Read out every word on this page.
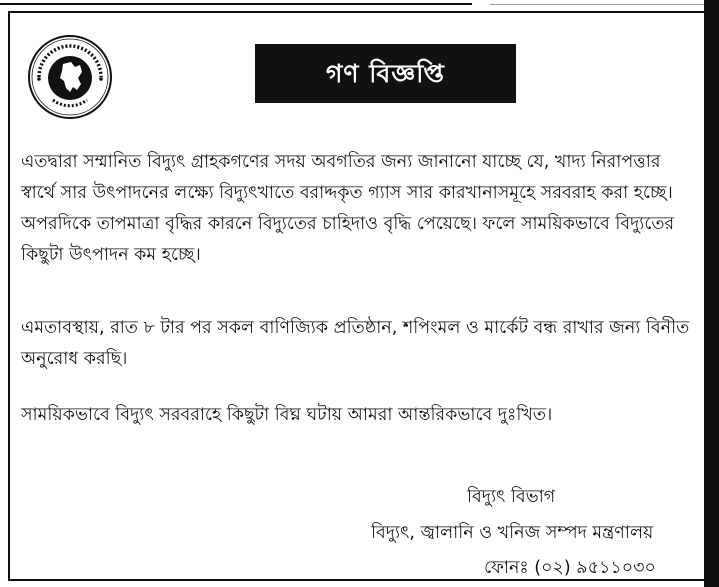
গণ বিজ্ঞপ্তি

এতদ্বারা সম্মানিত বিদ্যুৎ গ্রাহকগণের সদয় অবগতির জন্য জানানো যাচ্ছে যে, খাদ্য নিরাপত্তার স্বার্থে সার উৎপাদনের লক্ষ্যে বিদ্যুৎখাতে বরাদ্দকৃত গ্যাস সার কারখানাসমূহে সরবরাহ করা হচ্ছে। অপরদিকে তাপমাত্রা বৃদ্ধির কারনে বিদ্যুতের চাহিদাও বৃদ্ধি পেয়েছে। ফলে সাময়িকভাবে বিদ্যুতের কিছুটা উৎপাদন কম হচ্ছে।

এমতাবস্থায়, রাত ৮ টার পর সকল বাণিজ্যিক প্রতিষ্ঠান, শপিংমল ও মার্কেট বন্ধ রাখার জন্য বিনীত অনুরোধ করছি।

সাময়িকভাবে বিদ্যুৎ সরবরাহে কিছুটা বিঘ্ন ঘটায় আমরা আন্তরিকভাবে দুঃখিত।

বিদ্যুৎ বিভাগ
বিদ্যুৎ, জ্বালানি ও খনিজ সম্পদ মন্ত্রণালয়
ফোনঃ (০২) ৯৫১১০৩০
